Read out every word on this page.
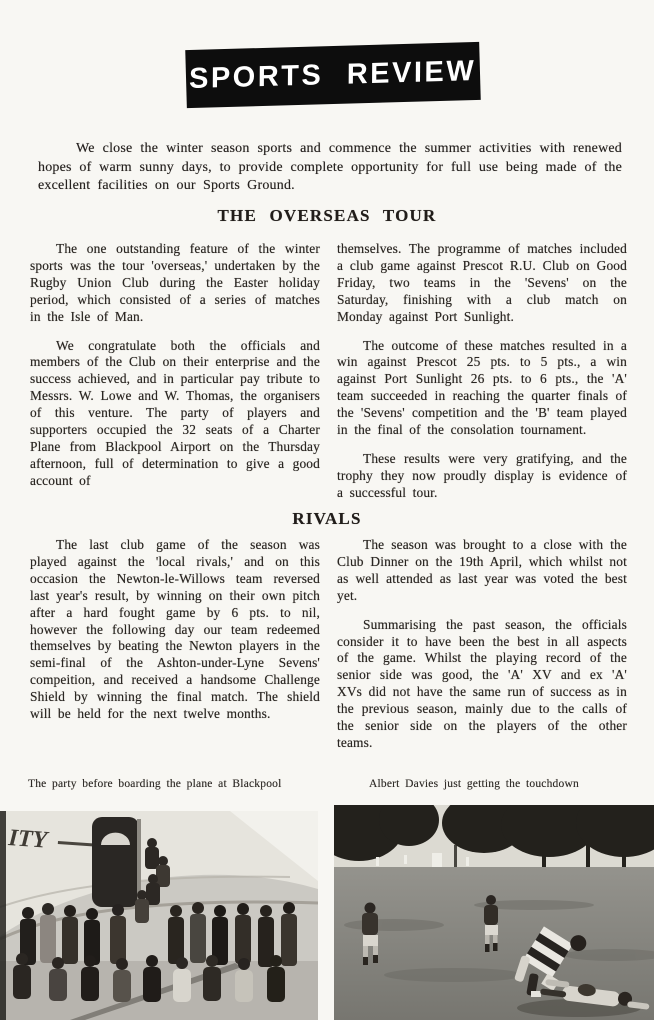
SPORTS REVIEW

We close the winter season sports and commence the summer activities with renewed hopes of warm sunny days, to provide complete opportunity for full use being made of the excellent facilities on our Sports Ground.

THE OVERSEAS TOUR

The one outstanding feature of the winter sports was the tour 'overseas,' undertaken by the Rugby Union Club during the Easter holiday period, which consisted of a series of matches in the Isle of Man.

We congratulate both the officials and members of the Club on their enterprise and the success achieved, and in particular pay tribute to Messrs. W. Lowe and W. Thomas, the organisers of this venture. The party of players and supporters occupied the 32 seats of a Charter Plane from Blackpool Airport on the Thursday afternoon, full of determination to give a good account of

themselves. The programme of matches included a club game against Prescot R.U. Club on Good Friday, two teams in the 'Sevens' on the Saturday, finishing with a club match on Monday against Port Sunlight.

The outcome of these matches resulted in a win against Prescot 25 pts. to 5 pts., a win against Port Sunlight 26 pts. to 6 pts., the 'A' team succeeded in reaching the quarter finals of the 'Sevens' competition and the 'B' team played in the final of the consolation tournament.

These results were very gratifying, and the trophy they now proudly display is evidence of a successful tour.

RIVALS

The last club game of the season was played against the 'local rivals,' and on this occasion the Newton-le-Willows team reversed last year's result, by winning on their own pitch after a hard fought game by 6 pts. to nil, however the following day our team redeemed themselves by beating the Newton players in the semi-final of the Ashton-under-Lyne Sevens' compeition, and received a handsome Challenge Shield by winning the final match. The shield will be held for the next twelve months.

The season was brought to a close with the Club Dinner on the 19th April, which whilst not as well attended as last year was voted the best yet.

Summarising the past season, the officials consider it to have been the best in all aspects of the game. Whilst the playing record of the senior side was good, the 'A' XV and ex 'A' XVs did not have the same run of success as in the previous season, mainly due to the calls of the senior side on the players of the other teams.

The party before boarding the plane at Blackpool	Albert Davies just getting the touchdown

ITY
